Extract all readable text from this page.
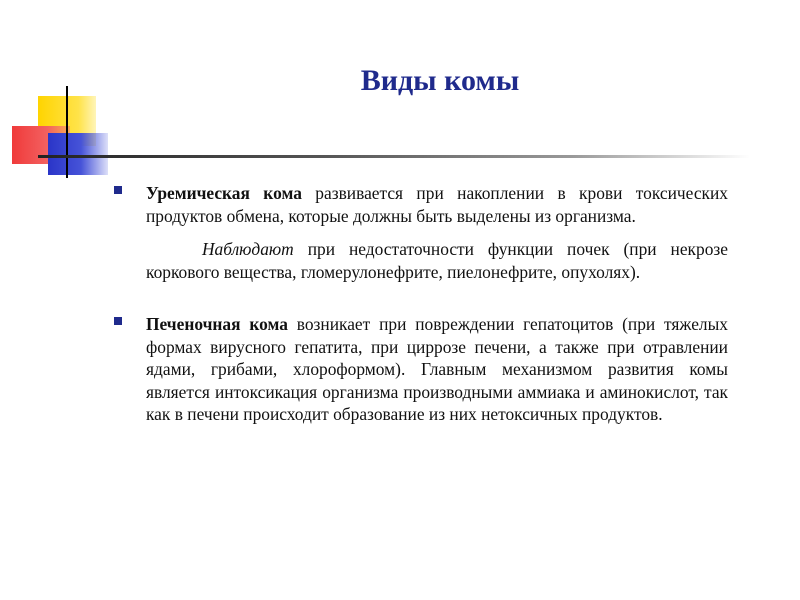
Виды комы

Уремическая кома развивается при накоплении в крови токсических продуктов обмена, которые должны быть выделены из организма.

Наблюдают при недостаточности функции почек (при некрозе коркового вещества, гломерулонефрите, пиелонефрите, опухолях).

Печеночная кома возникает при повреждении гепатоцитов (при тяжелых формах вирусного гепатита, при циррозе печени, а также при отравлении ядами, грибами, хлороформом). Главным механизмом развития комы является интоксикация организма производными аммиака и аминокислот, так как в печени происходит образование из них нетоксичных продуктов.
